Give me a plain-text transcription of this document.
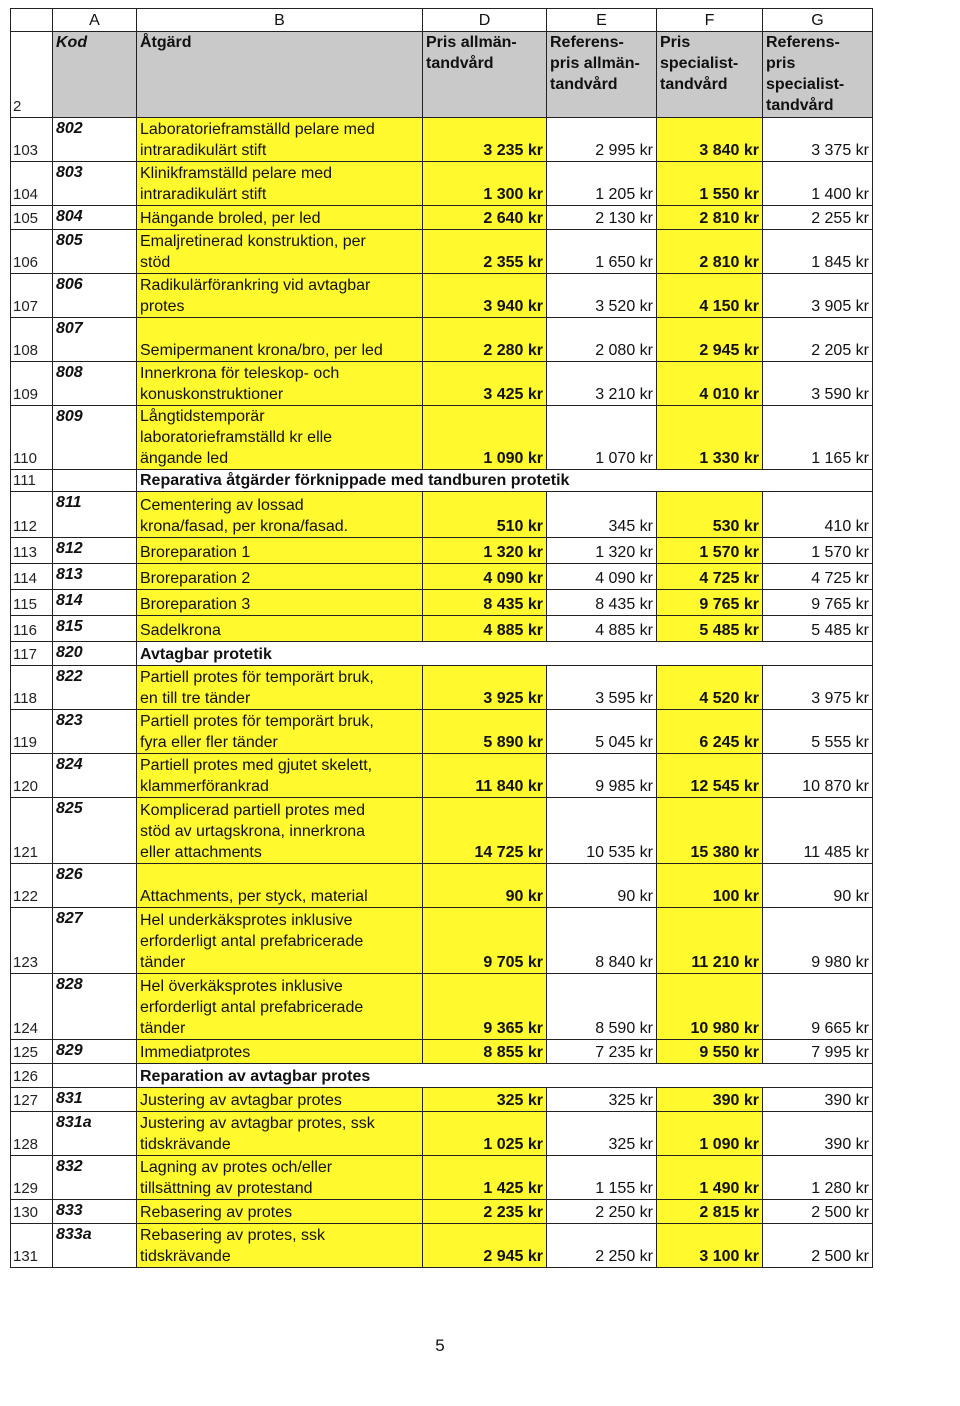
	A	B	D	E	F	G
2	Kod	Åtgärd	Pris allmän-
tandvård	Referens-
pris allmän-
tandvård	Pris
specialist-
tandvård	Referens-
pris
specialist-
tandvård
103	802	Laboratorieframställd pelare med
intraradikulärt stift	3 235 kr	2 995 kr	3 840 kr	3 375 kr
104	803	Klinikframställd pelare med
intraradikulärt stift	1 300 kr	1 205 kr	1 550 kr	1 400 kr
105	804	Hängande broled, per led	2 640 kr	2 130 kr	2 810 kr	2 255 kr
106	805	Emaljretinerad konstruktion, per
stöd	2 355 kr	1 650 kr	2 810 kr	1 845 kr
107	806	Radikulärförankring vid avtagbar
protes	3 940 kr	3 520 kr	4 150 kr	3 905 kr
108	807	Semipermanent krona/bro, per led	2 280 kr	2 080 kr	2 945 kr	2 205 kr
109	808	Innerkrona för teleskop- och
konuskonstruktioner	3 425 kr	3 210 kr	4 010 kr	3 590 kr
110	809	Långtidstemporär
laboratorieframställd kr elle
ängande led	1 090 kr	1 070 kr	1 330 kr	1 165 kr
111		Reparativa åtgärder förknippade med tandburen protetik				
112	811	Cementering av lossad
krona/fasad, per krona/fasad.	510 kr	345 kr	530 kr	410 kr
113	812	Broreparation 1	1 320 kr	1 320 kr	1 570 kr	1 570 kr
114	813	Broreparation 2	4 090 kr	4 090 kr	4 725 kr	4 725 kr
115	814	Broreparation 3	8 435 kr	8 435 kr	9 765 kr	9 765 kr
116	815	Sadelkrona	4 885 kr	4 885 kr	5 485 kr	5 485 kr
117	820	Avtagbar protetik				
118	822	Partiell protes för temporärt bruk,
en till tre tänder	3 925 kr	3 595 kr	4 520 kr	3 975 kr
119	823	Partiell protes för temporärt bruk,
fyra eller fler tänder	5 890 kr	5 045 kr	6 245 kr	5 555 kr
120	824	Partiell protes med gjutet skelett,
klammerförankrad	11 840 kr	9 985 kr	12 545 kr	10 870 kr
121	825	Komplicerad partiell protes med
stöd av urtagskrona, innerkrona
eller attachments	14 725 kr	10 535 kr	15 380 kr	11 485 kr
122	826	Attachments, per styck, material	90 kr	90 kr	100 kr	90 kr
123	827	Hel underkäksprotes inklusive
erforderligt antal prefabricerade
tänder	9 705 kr	8 840 kr	11 210 kr	9 980 kr
124	828	Hel överkäksprotes inklusive
erforderligt antal prefabricerade
tänder	9 365 kr	8 590 kr	10 980 kr	9 665 kr
125	829	Immediatprotes	8 855 kr	7 235 kr	9 550 kr	7 995 kr
126		Reparation av avtagbar protes				
127	831	Justering av avtagbar protes	325 kr	325 kr	390 kr	390 kr
128	831a	Justering av avtagbar protes, ssk
tidskrävande	1 025 kr	325 kr	1 090 kr	390 kr
129	832	Lagning av protes och/eller
tillsättning av protestand	1 425 kr	1 155 kr	1 490 kr	1 280 kr
130	833	Rebasering av protes	2 235 kr	2 250 kr	2 815 kr	2 500 kr
131	833a	Rebasering av protes, ssk
tidskrävande	2 945 kr	2 250 kr	3 100 kr	2 500 kr
5
